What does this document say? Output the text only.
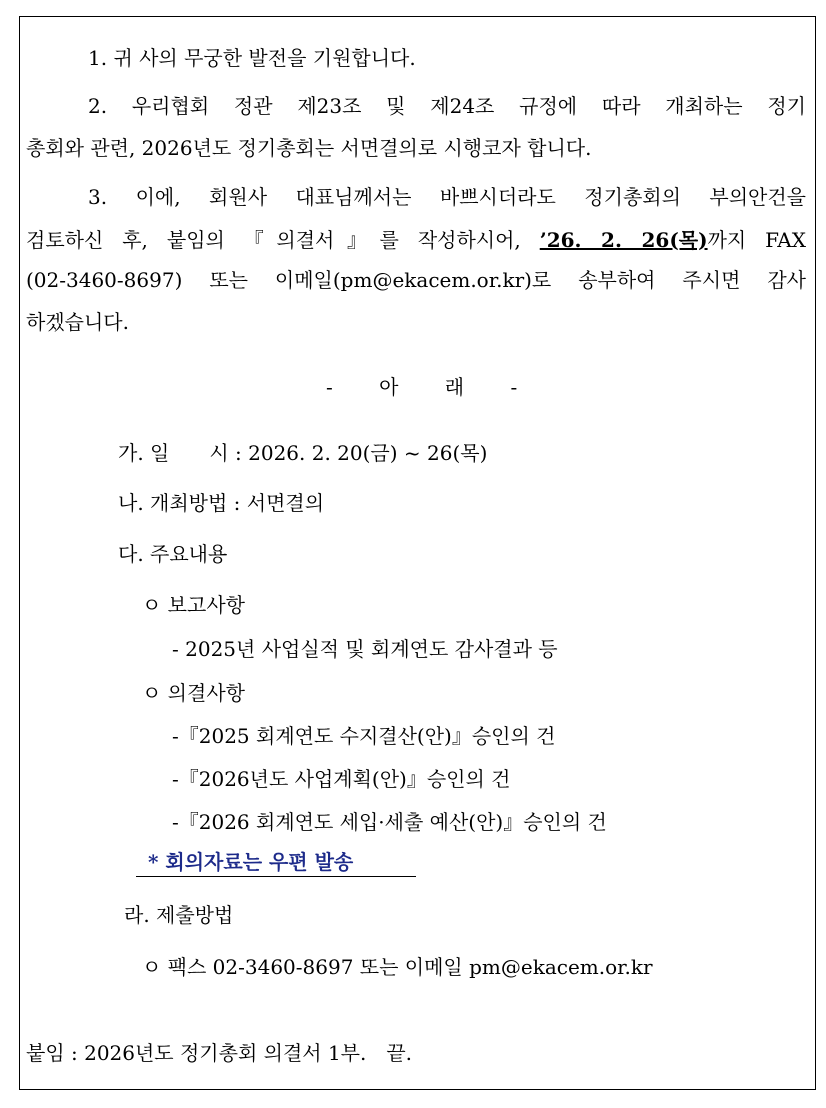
1. 귀 사의 무궁한 발전을 기원합니다.
2. 우리협회 정관 제23조 및 제24조 규정에 따라 개최하는 정기
총회와 관련, 2026년도 정기총회는 서면결의로 시행코자 합니다.
3. 이에, 회원사 대표님께서는 바쁘시더라도 정기총회의 부의안건을
검토하신 후, 붙임의 『의결서』를 작성하시어, ’26. 2. 26(목)까지 FAX
(02-3460-8697) 또는 이메일(pm@ekacem.or.kr)로 송부하여 주시면 감사
하겠습니다.
- 아 래 -
가. 일　　시 : 2026. 2. 20(금) ~ 26(목)
나. 개최방법 : 서면결의
다. 주요내용
ㅇ 보고사항
- 2025년 사업실적 및 회계연도 감사결과 등
ㅇ 의결사항
-『2025 회계연도 수지결산(안)』승인의 건
-『2026년도 사업계획(안)』승인의 건
-『2026 회계연도 세입·세출 예산(안)』승인의 건
* 회의자료는 우편 발송
라. 제출방법
ㅇ 팩스 02-3460-8697 또는 이메일 pm@ekacem.or.kr
붙임 : 2026년도 정기총회 의결서 1부.　끝.
